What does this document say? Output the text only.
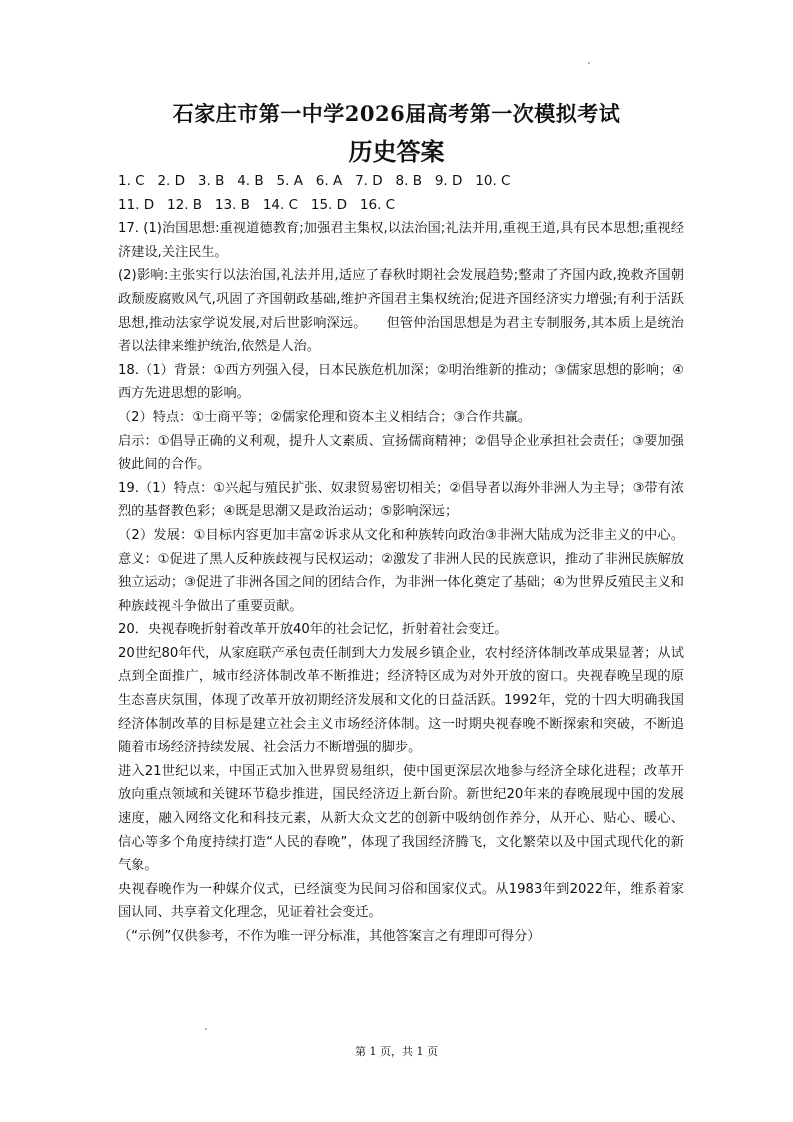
石家庄市第一中学2026届高考第一次模拟考试
历史答案

1. C   2. D   3. B   4. B   5. A   6. A   7. D   8. B   9. D   10. C

11. D   12. B   13. B   14. C   15. D   16. C

17. (1)治国思想:重视道德教育;加强君主集权,以法治国;礼法并用,重视王道,具有民本思想;重视经济建设,关注民生。

(2)影响:主张实行以法治国,礼法并用,适应了春秋时期社会发展趋势;整肃了齐国内政,挽救齐国朝政颓废腐败风气,巩固了齐国朝政基础,维护齐国君主集权统治;促进齐国经济实力增强;有利于活跃思想,推动法家学说发展,对后世影响深远。　　但管仲治国思想是为君主专制服务,其本质上是统治者以法律来维护统治,依然是人治。

18.（1）背景：①西方列强入侵，日本民族危机加深；②明治维新的推动；③儒家思想的影响；④西方先进思想的影响。

（2）特点：①士商平等；②儒家伦理和资本主义相结合；③合作共赢。

启示：①倡导正确的义利观，提升人文素质、宣扬儒商精神；②倡导企业承担社会责任；③要加强彼此间的合作。

19.（1）特点：①兴起与殖民扩张、奴隶贸易密切相关；②倡导者以海外非洲人为主导；③带有浓烈的基督教色彩；④既是思潮又是政治运动；⑤影响深远；

（2）发展：①目标内容更加丰富②诉求从文化和种族转向政治③非洲大陆成为泛非主义的中心。意义：①促进了黑人反种族歧视与民权运动；②激发了非洲人民的民族意识，推动了非洲民族解放独立运动；③促进了非洲各国之间的团结合作，为非洲一体化奠定了基础；④为世界反殖民主义和种族歧视斗争做出了重要贡献。

20．央视春晚折射着改革开放40年的社会记忆，折射着社会变迁。

20世纪80年代，从家庭联产承包责任制到大力发展乡镇企业，农村经济体制改革成果显著；从试点到全面推广，城市经济体制改革不断推进；经济特区成为对外开放的窗口。央视春晚呈现的原生态喜庆氛围，体现了改革开放初期经济发展和文化的日益活跃。1992年，党的十四大明确我国经济体制改革的目标是建立社会主义市场经济体制。这一时期央视春晚不断探索和突破，不断追随着市场经济持续发展、社会活力不断增强的脚步。

进入21世纪以来，中国正式加入世界贸易组织，使中国更深层次地参与经济全球化进程；改革开放向重点领域和关键环节稳步推进，国民经济迈上新台阶。新世纪20年来的春晚展现中国的发展速度，融入网络文化和科技元素，从新大众文艺的创新中吸纳创作养分，从开心、贴心、暖心、信心等多个角度持续打造“人民的春晚”，体现了我国经济腾飞，文化繁荣以及中国式现代化的新气象。

央视春晚作为一种媒介仪式，已经演变为民间习俗和国家仪式。从1983年到2022年，维系着家国认同、共享着文化理念，见证着社会变迁。

（“示例”仅供参考，不作为唯一评分标准，其他答案言之有理即可得分）

第 1 页，共 1 页
